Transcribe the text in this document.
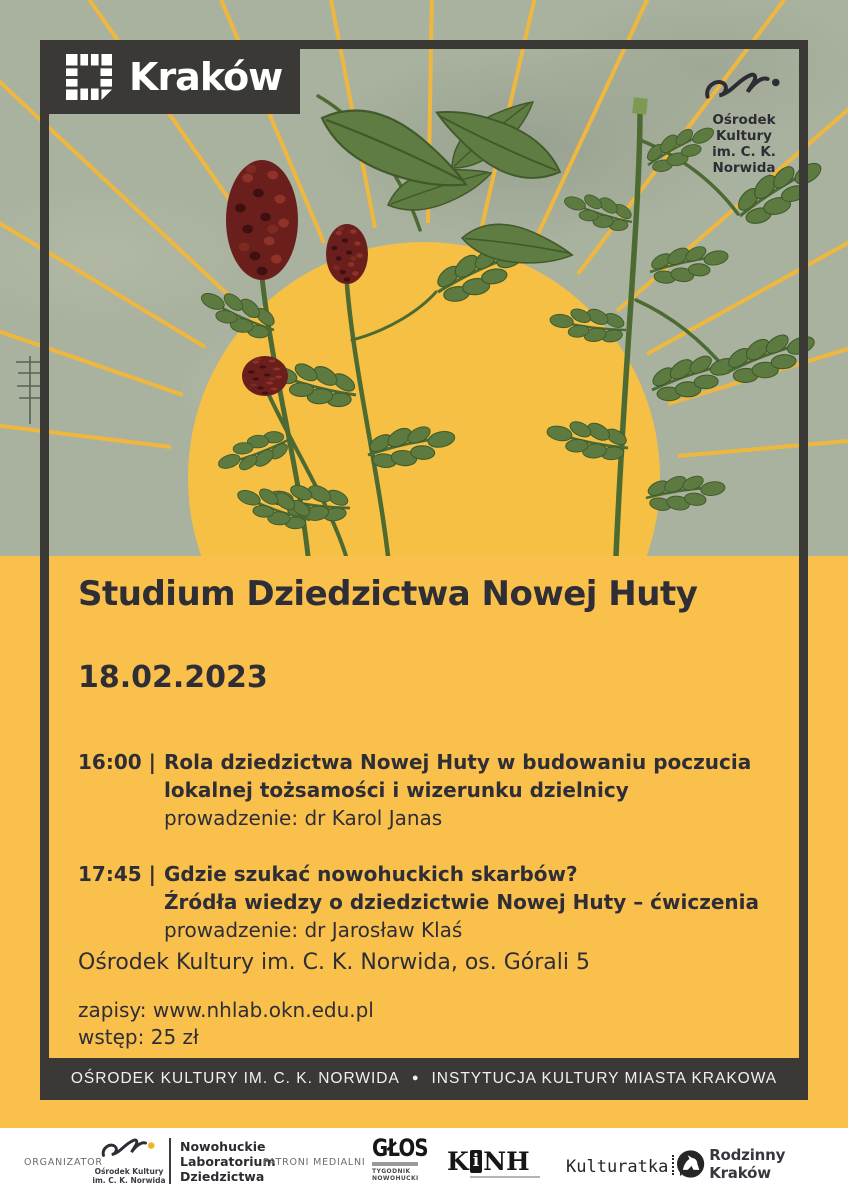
Kraków
Ośrodek Kultury
im. C. K. Norwida
Studium Dziedzictwa Nowej Huty
18.02.2023
16:00 | Rola dziedzictwa Nowej Huty w budowaniu poczucia
lokalnej tożsamości i wizerunku dzielnicy
prowadzenie: dr Karol Janas
17:45 | Gdzie szukać nowohuckich skarbów?
Źródła wiedzy o dziedzictwie Nowej Huty – ćwiczenia
prowadzenie: dr Jarosław Klaś
Ośrodek Kultury im. C. K. Norwida, os. Górali 5
zapisy: www.nhlab.okn.edu.pl
wstęp: 25 zł
OŚRODEK KULTURY IM. C. K. NORWIDA ● INSTYTUCJA KULTURY MIASTA KRAKOWA
ORGANIZATOR
Ośrodek Kultury
im. C. K. Norwida
Nowohuckie
Laboratorium
Dziedzictwa
PATRONI MEDIALNI
GŁOS
TYGODNIK
NOWOHUCKI
K i NH Kulturatka
Rodzinny Kraków
